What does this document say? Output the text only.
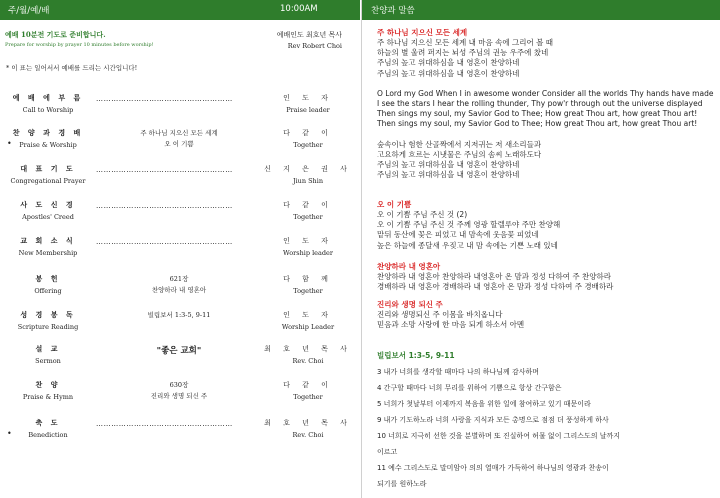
주/월/예/배	10:00AM
예배 10분전 기도로 준비합니다.
Prepare for worship by prayer 10 minutes before worship!
예배인도 최호년 목사
Rev Robert Choi
* 이 표는 일어서서 예배를 드리는 시간입니다!
예 배 에 부 름
Call to Worship
………………………………………………	인 도 자
Praise leader
•
찬 양 과 경 배
Praise & Worship
주 하나님 지으신 모든 세계
오 이 기쁨
다 같 이
Together
대 표 기 도
Congregational Prayer
………………………………………………	신 지 은 권 사
Jiun Shin
사 도 신 경
Apostles' Creed
………………………………………………	다 같 이
Together
교 회 소 식
New Membership
………………………………………………	인 도 자
Worship leader
봉 헌
Offering
621장
찬양하라 내 영혼아
다 함 께
Together
성 경 봉 독
Scripture Reading
빌립보서 1:3-5, 9-11	인 도 자
Worship Leader
설 교
Sermon
"좋은 교회"	최 호 년 목 사
Rev. Choi
찬 양
Praise & Hymn
630장
진리와 생명 되신 주
다 같 이
Together
•
축 도
Benediction
………………………………………………	최 호 년 목 사
Rev. Choi
찬양과 말씀
주 하나님 지으신 모든 세계
주 하나님 지으신 모든 세계 내 마음 속에 그리어 볼 때
하늘의 별 울려 퍼지는 뇌성 주님의 권능 우주에 찼네
주님의 높고 위대하심을 내 영혼이 찬양하네
주님의 높고 위대하심을 내 영혼이 찬양하네
O Lord my God When I in awesome wonder Consider all the worlds Thy hands have made
I see the stars I hear the rolling thunder, Thy pow'r through out the universe displayed
Then sings my soul, my Savior God to Thee; How great Thou art, how great Thou art!
Then sings my soul, my Savior God to Thee; How great Thou art, how great Thou art!
숲속이나 험한 산골짝에서 지저귀는 저 새소리들과
고요하게 흐르는 시냇물은 주님의 솜씨 노래하도다
주님의 높고 위대하심을 내 영혼이 찬양하네
주님의 높고 위대하심을 내 영혼이 찬양하네
오 이 기쁨
오 이 기쁨 주님 주신 것 (2)
오 이 기쁨 주님 주신 것 주께 영광 할렐루야 주만 찬양해
맡뒤 동산에 꽃은 피었고 내 맘속에 웃음꽃 피었네
높은 하늘에 종달새 우짖고 내 맘 속에는 기쁜 노래 있네
찬양하라 내 영혼아
찬양하라 내 영혼아 찬양하라 내영혼아 온 맘과 정성 다하여 주 찬양하라
경배하라 내 영혼아 경배하라 내 영혼아 온 맘과 정성 다하여 주 경배하라
진리와 생명 되신 주
진리와 생명되신 주 이몸을 바치옵니다
믿음과 소망 사랑에 한 마음 되게 하소서 아멘
빌립보서 1:3-5, 9-11
3 내가 너희를 생각할 때마다 나의 하나님께 감사하며
4 간구할 때마다 너희 무리를 위하여 기쁨으로 항상 간구함은
5 너희가 첫날부터 이제까지 복음을 위한 일에 참여하고 있기 때문이라
9 내가 기도하노라 너희 사랑을 지식과 모든 총명으로 점점 더 풍성하게 하사
10 너희로 지극히 선한 것을 분별하며 또 진실하여 허물 없이 그리스도의 날까지
이르고
11 예수 그리스도로 말미암아 의의 열매가 가득하여 하나님의 영광과 찬송이
되기를 원하노라
